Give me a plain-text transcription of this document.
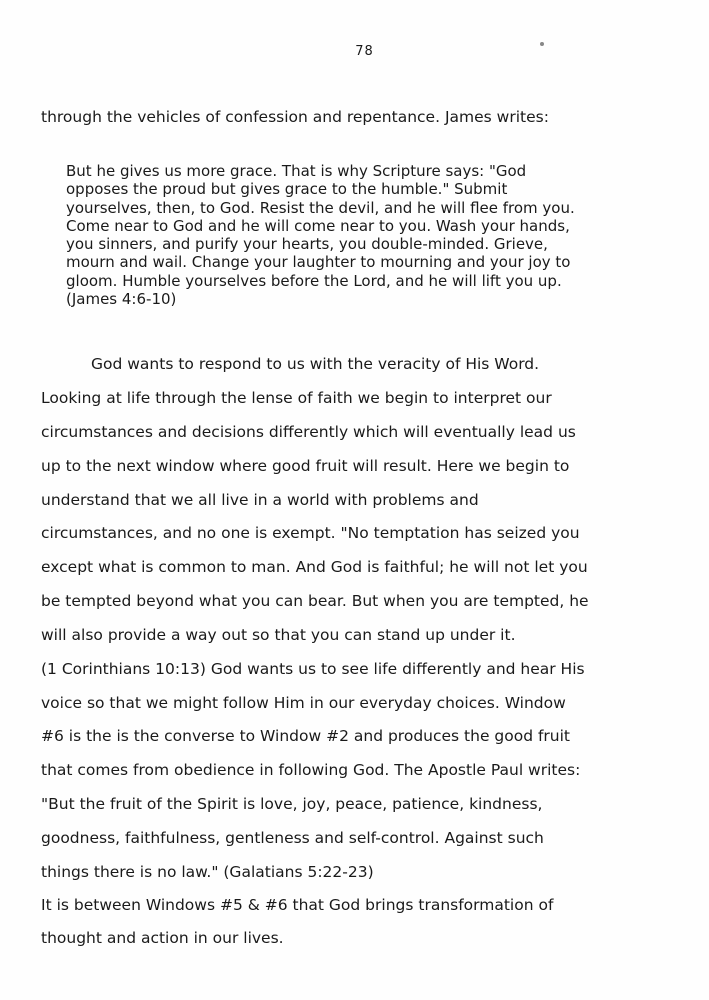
78
through the vehicles of confession and repentance. James writes:
But he gives us more grace. That is why Scripture says: "God
opposes the proud but gives grace to the humble." Submit
yourselves, then, to God. Resist the devil, and he will flee from you.
Come near to God and he will come near to you. Wash your hands,
you sinners, and purify your hearts, you double-minded. Grieve,
mourn and wail. Change your laughter to mourning and your joy to
gloom. Humble yourselves before the Lord, and he will lift you up.
(James 4:6-10)
God wants to respond to us with the veracity of His Word.
Looking at life through the lense of faith we begin to interpret our
circumstances and decisions differently which will eventually lead us
up to the next window where good fruit will result. Here we begin to
understand that we all live in a world with problems and
circumstances, and no one is exempt. "No temptation has seized you
except what is common to man. And God is faithful; he will not let you
be tempted beyond what you can bear. But when you are tempted, he
will also provide a way out so that you can stand up under it.
(1 Corinthians 10:13) God wants us to see life differently and hear His
voice so that we might follow Him in our everyday choices. Window
#6 is the is the converse to Window #2 and produces the good fruit
that comes from obedience in following God. The Apostle Paul writes:
"But the fruit of the Spirit is love, joy, peace, patience, kindness,
goodness, faithfulness, gentleness and self-control. Against such
things there is no law." (Galatians 5:22-23)
It is between Windows #5 & #6 that God brings transformation of
thought and action in our lives.
